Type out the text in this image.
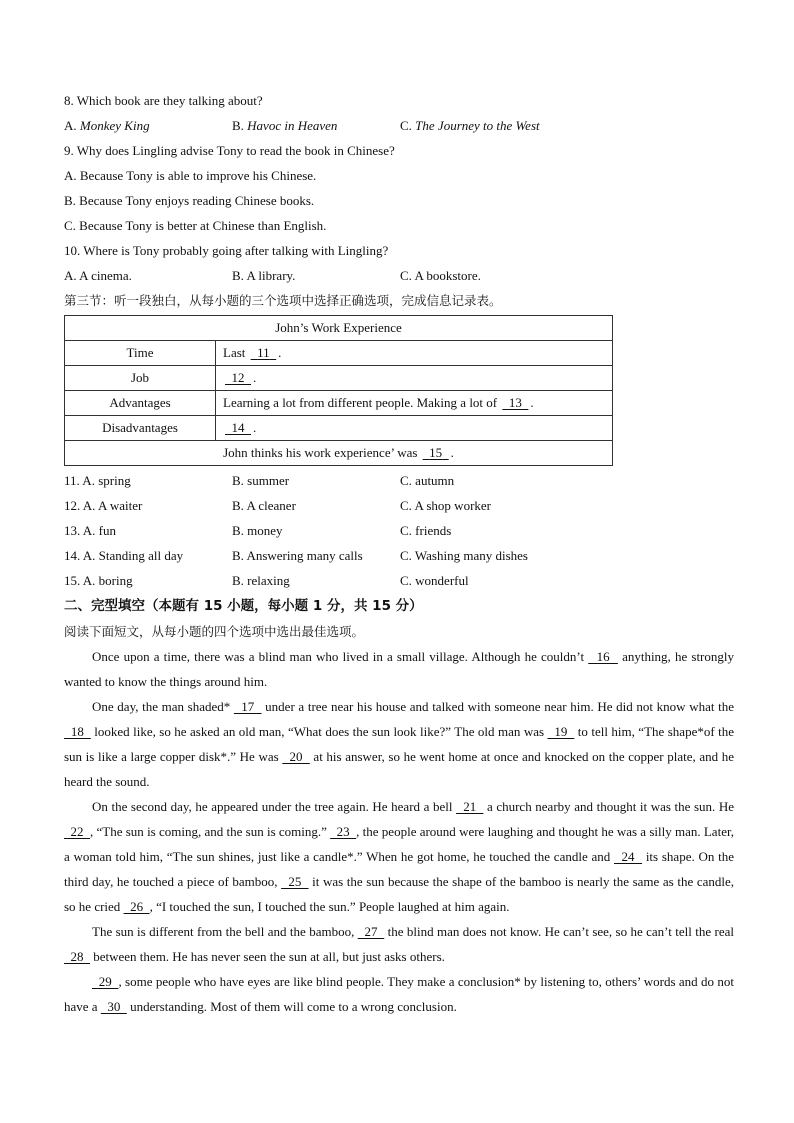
8. Which book are they talking about?
A. Monkey King	B. Havoc in Heaven	C. The Journey to the West
9. Why does Lingling advise Tony to read the book in Chinese?
A. Because Tony is able to improve his Chinese.
B. Because Tony enjoys reading Chinese books.
C. Because Tony is better at Chinese than English.
10. Where is Tony probably going after talking with Lingling?
A. A cinema.	B. A library.	C. A bookstore.
第三节：听一段独白，从每小题的三个选项中选择正确选项，完成信息记录表。
John’s Work Experience	
Time	Last   11 .
Job	12 .
Advantages	Learning a lot from different people. Making a lot of   13 .
Disadvantages	14 .
John thinks his work experience’ was   15 .	
11. A. spring	B. summer	C. autumn
12. A. A waiter	B. A cleaner	C. A shop worker
13. A. fun	B. money	C. friends
14. A. Standing all day	B. Answering many calls	C. Washing many dishes
15. A. boring	B. relaxing	C. wonderful
二、完型填空（本题有 15 小题，每小题 1 分，共 15 分）
阅读下面短文，从每小题的四个选项中选出最佳选项。

Once upon a time, there was a blind man who lived in a small village. Although he couldn’t   16   anything, he strongly wanted to know the things around him.

One day, the man shaded*   17   under a tree near his house and talked with someone near him. He did not know what the   18   looked like, so he asked an old man, “What does the sun look like?” The old man was   19   to tell him, “The shape*of the sun is like a large copper disk*.” He was   20   at his answer, so he went home at once and knocked on the copper plate, and he heard the sound.

On the second day, he appeared under the tree again. He heard a bell   21   a church nearby and thought it was the sun. He   22  , “The sun is coming, and the sun is coming.”   23  , the people around were laughing and thought he was a silly man. Later, a woman told him, “The sun shines, just like a candle*.” When he got home, he touched the candle and   24   its shape. On the third day, he touched a piece of bamboo,   25   it was the sun because the shape of the bamboo is nearly the same as the candle, so he cried   26  , “I touched the sun, I touched the sun.” People laughed at him again.

The sun is different from the bell and the bamboo,   27   the blind man does not know. He can’t see, so he can’t tell the real   28   between them. He has never seen the sun at all, but just asks others.

29  , some people who have eyes are like blind people. They make a conclusion* by listening to, others’ words and do not have a   30   understanding. Most of them will come to a wrong conclusion.
